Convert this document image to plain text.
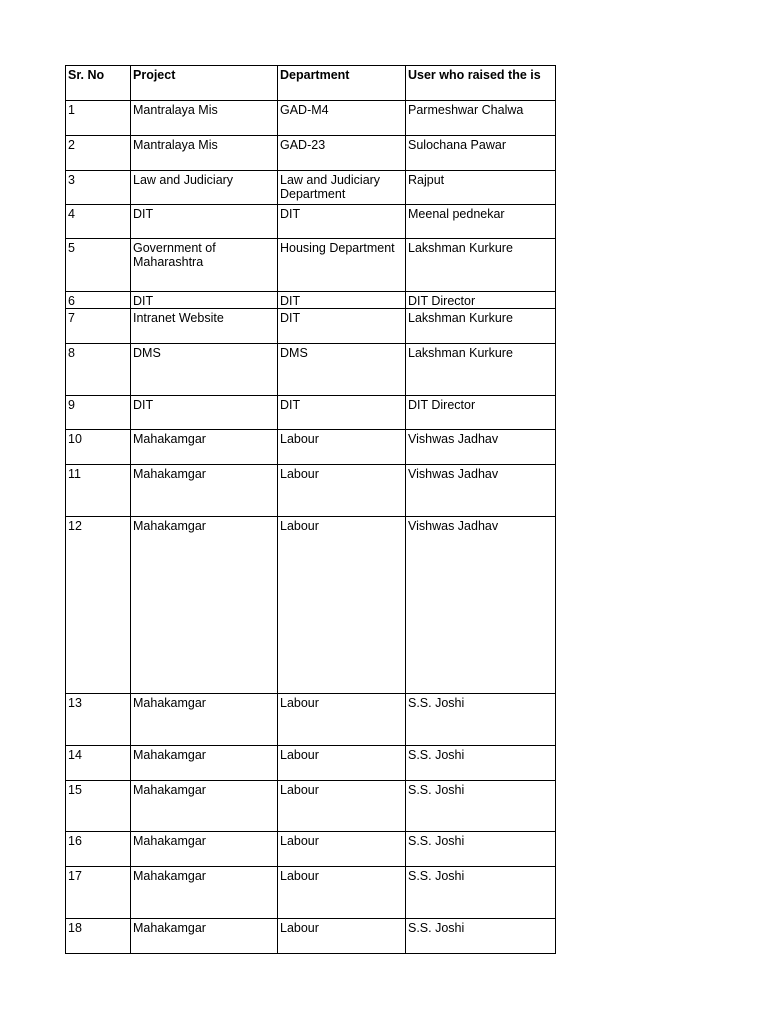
Sr. No	Project	Department	User who raised the is
1	Mantralaya Mis	GAD-M4	Parmeshwar Chalwa
2	Mantralaya Mis	GAD-23	Sulochana Pawar
3	Law and Judiciary	Law and Judiciary Department	Rajput
4	DIT	DIT	Meenal pednekar
5	Government of Maharashtra	Housing Department	Lakshman Kurkure
6	DIT	DIT	DIT Director
7	Intranet Website	DIT	Lakshman Kurkure
8	DMS	DMS	Lakshman Kurkure
9	DIT	DIT	DIT Director
10	Mahakamgar	Labour	Vishwas Jadhav
11	Mahakamgar	Labour	Vishwas Jadhav
12	Mahakamgar	Labour	Vishwas Jadhav
13	Mahakamgar	Labour	S.S. Joshi
14	Mahakamgar	Labour	S.S. Joshi
15	Mahakamgar	Labour	S.S. Joshi
16	Mahakamgar	Labour	S.S. Joshi
17	Mahakamgar	Labour	S.S. Joshi
18	Mahakamgar	Labour	S.S. Joshi
